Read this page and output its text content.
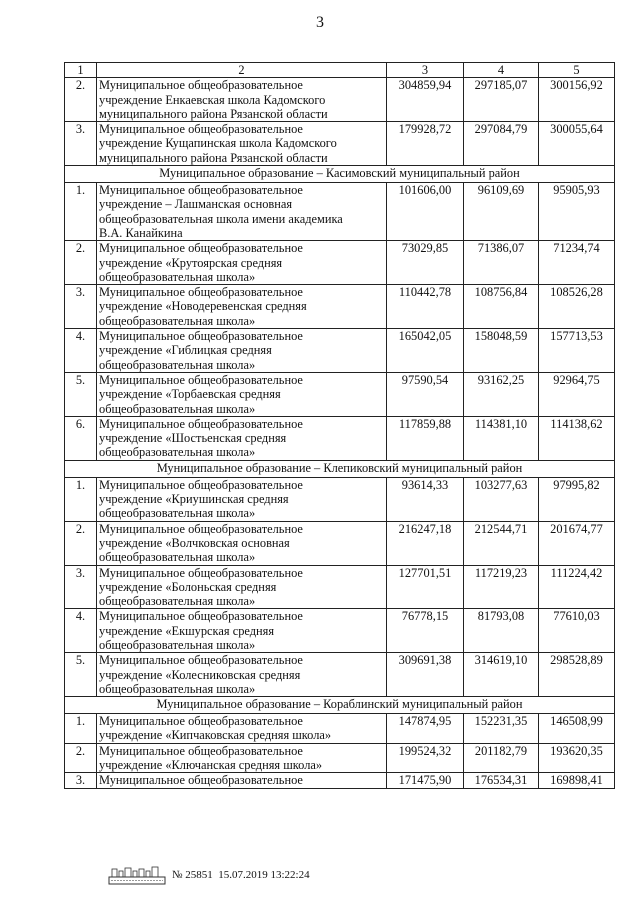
3
1	2	3	4	5
2.	Муниципальное общеобразовательное
учреждение Енкаевская школа Кадомского
муниципального района Рязанской области	304859,94	297185,07	300156,92
3.	Муниципальное общеобразовательное
учреждение Кущапинская школа Кадомского
муниципального района Рязанской области	179928,72	297084,79	300055,64
Муниципальное образование – Касимовский муниципальный район				
1.	Муниципальное общеобразовательное
учреждение – Лашманская основная
общеобразовательная школа имени академика
В.А. Канайкина	101606,00	96109,69	95905,93
2.	Муниципальное общеобразовательное
учреждение «Крутоярская средняя
общеобразовательная школа»	73029,85	71386,07	71234,74
3.	Муниципальное общеобразовательное
учреждение «Новодеревенская средняя
общеобразовательная школа»	110442,78	108756,84	108526,28
4.	Муниципальное общеобразовательное
учреждение «Гиблицкая средняя
общеобразовательная школа»	165042,05	158048,59	157713,53
5.	Муниципальное общеобразовательное
учреждение «Торбаевская средняя
общеобразовательная школа»	97590,54	93162,25	92964,75
6.	Муниципальное общеобразовательное
учреждение «Шостьенская средняя
общеобразовательная школа»	117859,88	114381,10	114138,62
Муниципальное образование – Клепиковский муниципальный район				
1.	Муниципальное общеобразовательное
учреждение «Криушинская средняя
общеобразовательная школа»	93614,33	103277,63	97995,82
2.	Муниципальное общеобразовательное
учреждение «Волчковская основная
общеобразовательная школа»	216247,18	212544,71	201674,77
3.	Муниципальное общеобразовательное
учреждение «Болоньская средняя
общеобразовательная школа»	127701,51	117219,23	111224,42
4.	Муниципальное общеобразовательное
учреждение «Екшурская средняя
общеобразовательная школа»	76778,15	81793,08	77610,03
5.	Муниципальное общеобразовательное
учреждение «Колесниковская средняя
общеобразовательная школа»	309691,38	314619,10	298528,89
Муниципальное образование – Кораблинский муниципальный район				
1.	Муниципальное общеобразовательное
учреждение «Кипчаковская средняя школа»	147874,95	152231,35	146508,99
2.	Муниципальное общеобразовательное
учреждение «Ключанская средняя школа»	199524,32	201182,79	193620,35
3.	Муниципальное общеобразовательное	171475,90	176534,31	169898,41
№ 25851
15.07.2019 13:22:24
